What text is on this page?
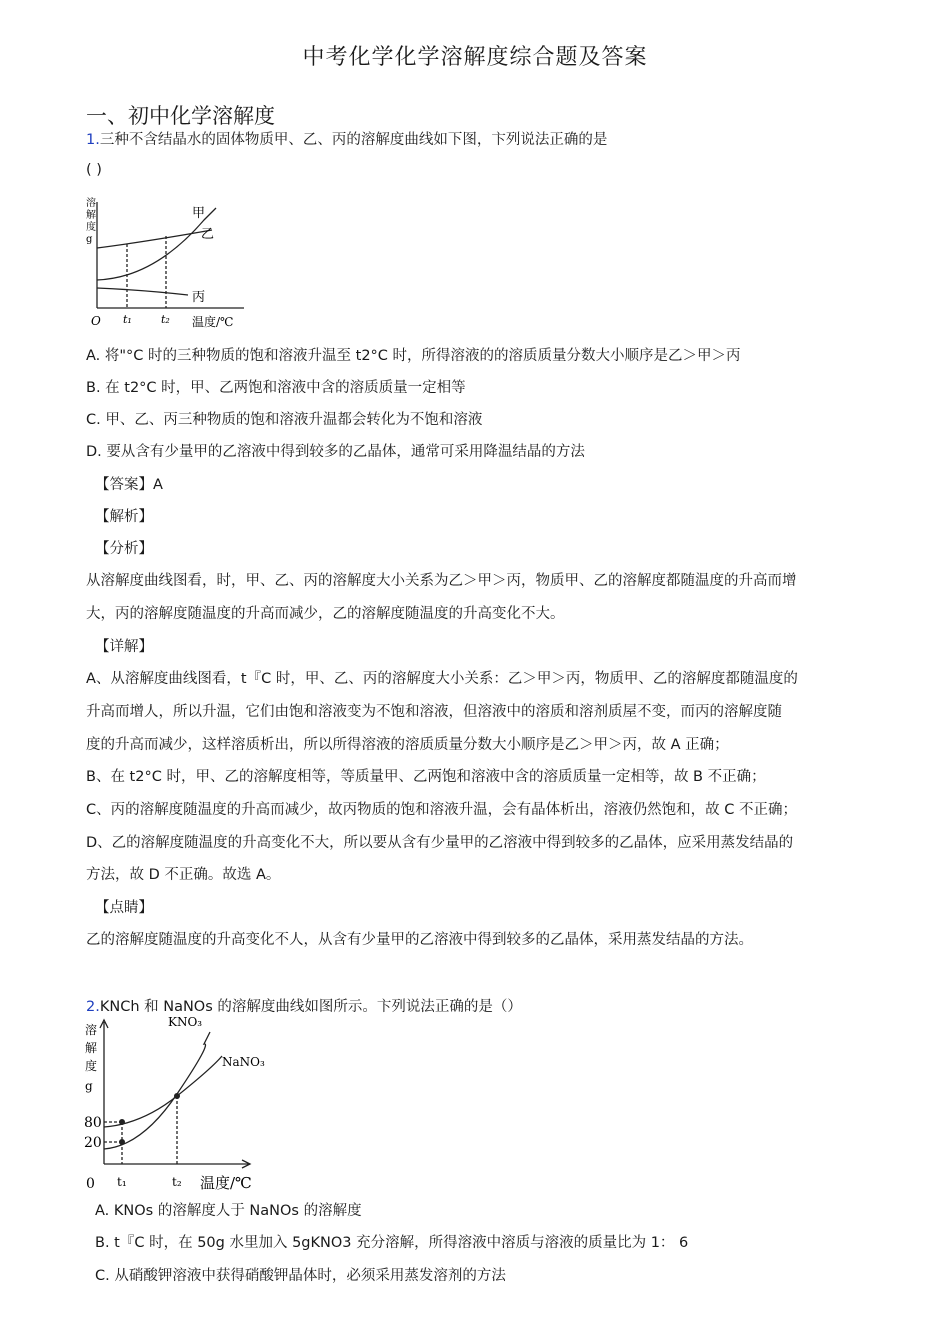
中考化学化学溶解度综合题及答案
一、初中化学溶解度
1.三种不含结晶水的固体物质甲、乙、丙的溶解度曲线如下图，卞列说法正确的是
( )
溶
解
度
g
甲
乙
丙
O t₁	t₂ 温度/℃
A. 将"°C 时的三种物质的饱和溶液升温至 t2°C 时，所得溶液的的溶质质量分数大小顺序是乙＞甲＞丙
B. 在 t2°C 时，甲、乙两饱和溶液中含的溶质质量一定相等
C. 甲、乙、丙三种物质的饱和溶液升温都会转化为不饱和溶液
D. 要从含有少量甲的乙溶液中得到较多的乙晶体，通常可采用降温结晶的方法
【答案】A
【解析】
【分析】
从溶解度曲线图看，时，甲、乙、丙的溶解度大小关系为乙＞甲＞丙，物质甲、乙的溶解度都随温度的升高而增
大，丙的溶解度随温度的升高而减少，乙的溶解度随温度的升高变化不大。
【详解】
A、从溶解度曲线图看，t『C 时，甲、乙、丙的溶解度大小关系：乙＞甲＞丙，物质甲、乙的溶解度都随温度的
升高而增人，所以升温，它们由饱和溶液变为不饱和溶液，但溶液中的溶质和溶剂质屋不变，而丙的溶解度随
度的升高而减少，这样溶质析出，所以所得溶液的溶质质量分数大小顺序是乙＞甲＞丙，故 A 正确；
B、在 t2°C 时，甲、乙的溶解度相等，等质量甲、乙两饱和溶液中含的溶质质量一定相等，故 B 不正确；
C、丙的溶解度随温度的升高而减少，故丙物质的饱和溶液升温，会有晶体析出，溶液仍然饱和，故 C 不正确；
D、乙的溶解度随温度的升高变化不大，所以要从含有少量甲的乙溶液中得到较多的乙晶体，应采用蒸发结晶的
方法，故 D 不正确。故选 A。
【点睛】
乙的溶解度随温度的升高变化不人，从含有少量甲的乙溶液中得到较多的乙晶体，采用蒸发结晶的方法。
2.KNCh 和 NaNOs 的溶解度曲线如图所示。卞列说法正确的是（）
溶
解
度
g
KNO₃
NaNO₃
80
20
0 t₁	t₂ 温度/℃
A. KNOs 的溶解度人于 NaNOs 的溶解度
B. t『C 时，在 50g 水里加入 5gKNO3 充分溶解，所得溶液中溶质与溶液的质量比为 1： 6
C. 从硝酸钾溶液中获得硝酸钾晶体时，必须采用蒸发溶剂的方法
